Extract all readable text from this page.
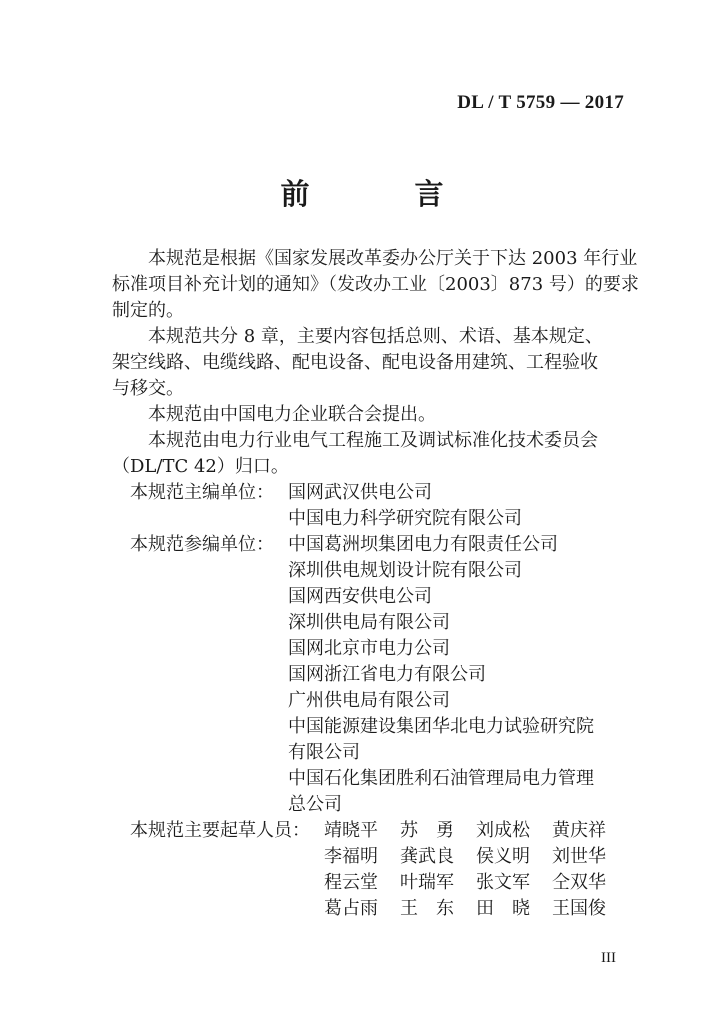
DL / T 5759 — 2017
前　言

本规范是根据《国家发展改革委办公厅关于下达 2003 年行业
标准项目补充计划的通知》（发改办工业〔2003〕873 号）的要求
制定的。

本规范共分 8 章，主要内容包括总则、术语、基本规定、
架空线路、电缆线路、配电设备、配电设备用建筑、工程验收
与移交。

本规范由中国电力企业联合会提出。

本规范由电力行业电气工程施工及调试标准化技术委员会
（DL/TC 42）归口。

本规范主编单位： 国网武汉供电公司
中国电力科学研究院有限公司
本规范参编单位： 中国葛洲坝集团电力有限责任公司
深圳供电规划设计院有限公司
国网西安供电公司
深圳供电局有限公司
国网北京市电力公司
国网浙江省电力有限公司
广州供电局有限公司
中国能源建设集团华北电力试验研究院
有限公司
中国石化集团胜利石油管理局电力管理
总公司
本规范主要起草人员： 靖晓平	苏　勇	刘成松	黄庆祥
李福明	龚武良	侯义明	刘世华
程云堂	叶瑞军	张文军	仝双华
葛占雨	王　东	田　晓	王国俊
III
